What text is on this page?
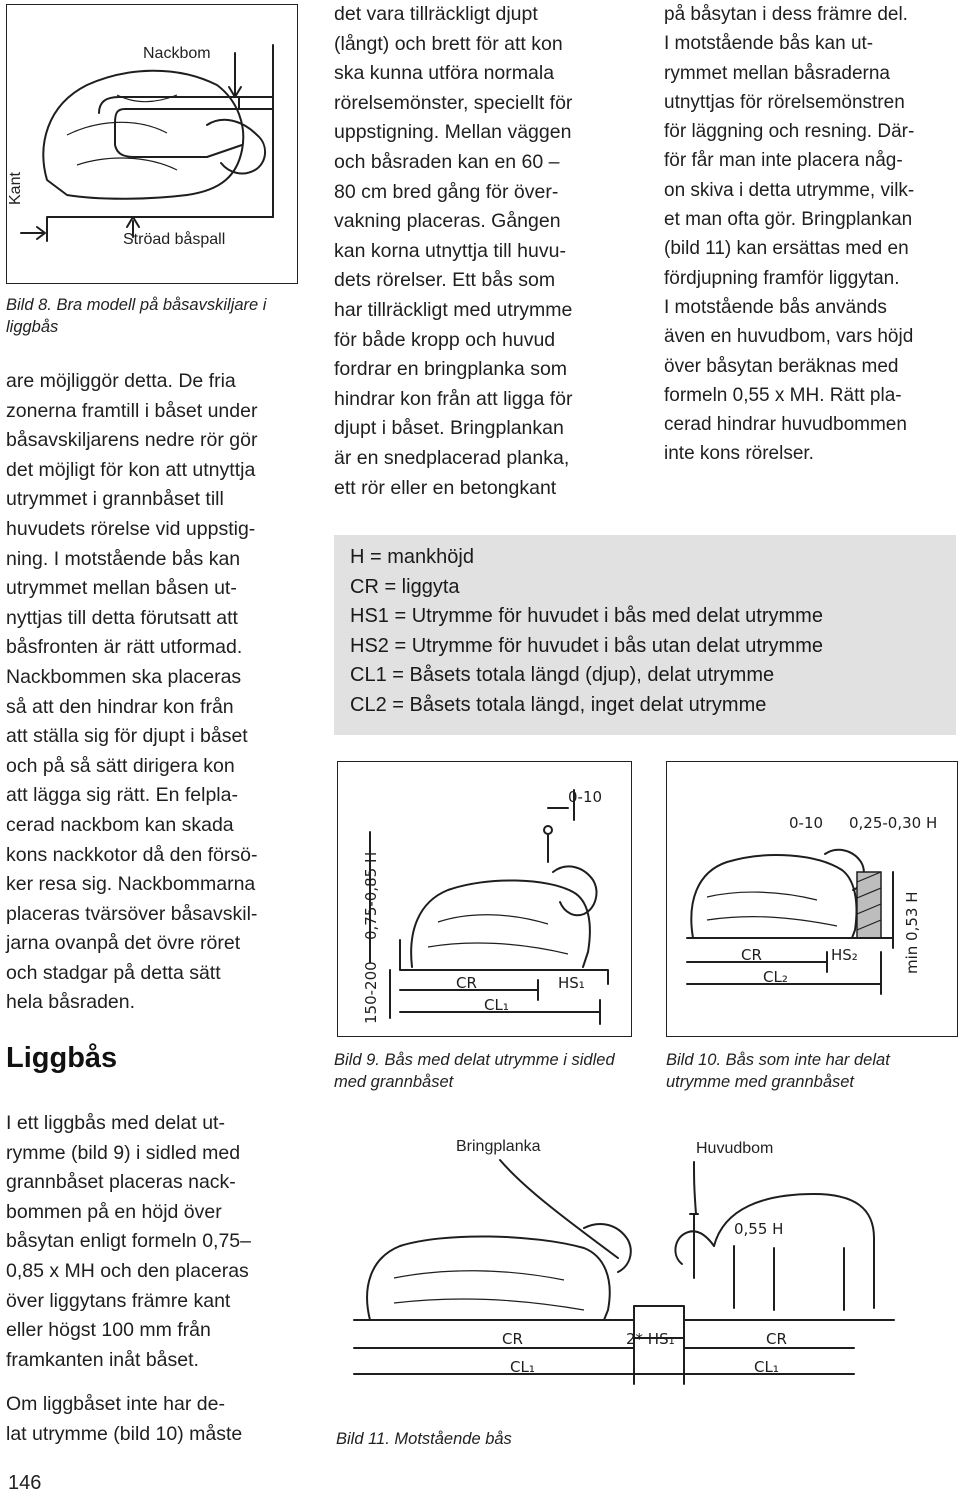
Nackbom
Kant
Ströad båspall
Bild 8. Bra modell på båsavskiljare i liggbås
are möjliggör detta. De fria
zonerna framtill i båset under
båsavskiljarens nedre rör gör
det möjligt för kon att utnyttja
utrymmet i grannbåset till
huvudets rörelse vid uppstig-
ning. I motstående bås kan
utrymmet mellan båsen ut-
nyttjas till detta förutsatt att
båsfronten är rätt utformad.
Nackbommen ska placeras
så att den hindrar kon från
att ställa sig för djupt i båset
och på så sätt dirigera kon
att lägga sig rätt. En felpla-
cerad nackbom kan skada
kons nackkotor då den försö-
ker resa sig. Nackbommarna
placeras tvärsöver båsavskil-
jarna ovanpå det övre röret
och stadgar på detta sätt
hela båsraden.
Liggbås
I ett liggbås med delat ut-
rymme (bild 9) i sidled med
grannbåset placeras nack-
bommen på en höjd över
båsytan enligt formeln 0,75–
0,85 x MH och den placeras
över liggytans främre kant
eller högst 100 mm från
framkanten inåt båset.
Om liggbåset inte har de-
lat utrymme (bild 10) måste
146
det vara tillräckligt djupt
(långt) och brett för att kon
ska kunna utföra normala
rörelsemönster, speciellt för
uppstigning. Mellan väggen
och båsraden kan en 60 –
80 cm bred gång för över-
vakning placeras. Gången
kan korna utnyttja till huvu-
dets rörelser. Ett bås som
har tillräckligt med utrymme
för både kropp och huvud
fordrar en bringplanka som
hindrar kon från att ligga för
djupt i båset. Bringplankan
är en snedplacerad planka,
ett rör eller en betongkant
på båsytan i dess främre del.
I motstående bås kan ut-
rymmet mellan båsraderna
utnyttjas för rörelsemönstren
för läggning och resning. Där-
för får man inte placera någ-
on skiva i detta utrymme, vilk-
et man ofta gör. Bringplankan
(bild 11) kan ersättas med en
fördjupning framför liggytan.
I motstående bås används
även en huvudbom, vars höjd
över båsytan beräknas med
formeln 0,55 x MH. Rätt pla-
cerad hindrar huvudbommen
inte kons rörelser.
H = mankhöjd
CR = liggyta
HS1 = Utrymme för huvudet i bås med delat utrymme
HS2 = Utrymme för huvudet i bås utan delat utrymme
CL1 = Båsets totala längd (djup), delat utrymme
CL2 = Båsets totala längd, inget delat utrymme
0,75-0,85 H
150-200
0-10
CR	HS₁
CL₁
Bild 9. Bås med delat utrymme i sidled med grannbåset
0-10 0,25-0,30 H
CR	HS₂
CL₂
min 0,53 H
Bild 10. Bås som inte har delat utrymme med grannbåset
0,55 H
CR	2* HS₁	CR
CL₁	CL₁
Bringplanka	Huvudbom
Bild 11. Motstående bås
